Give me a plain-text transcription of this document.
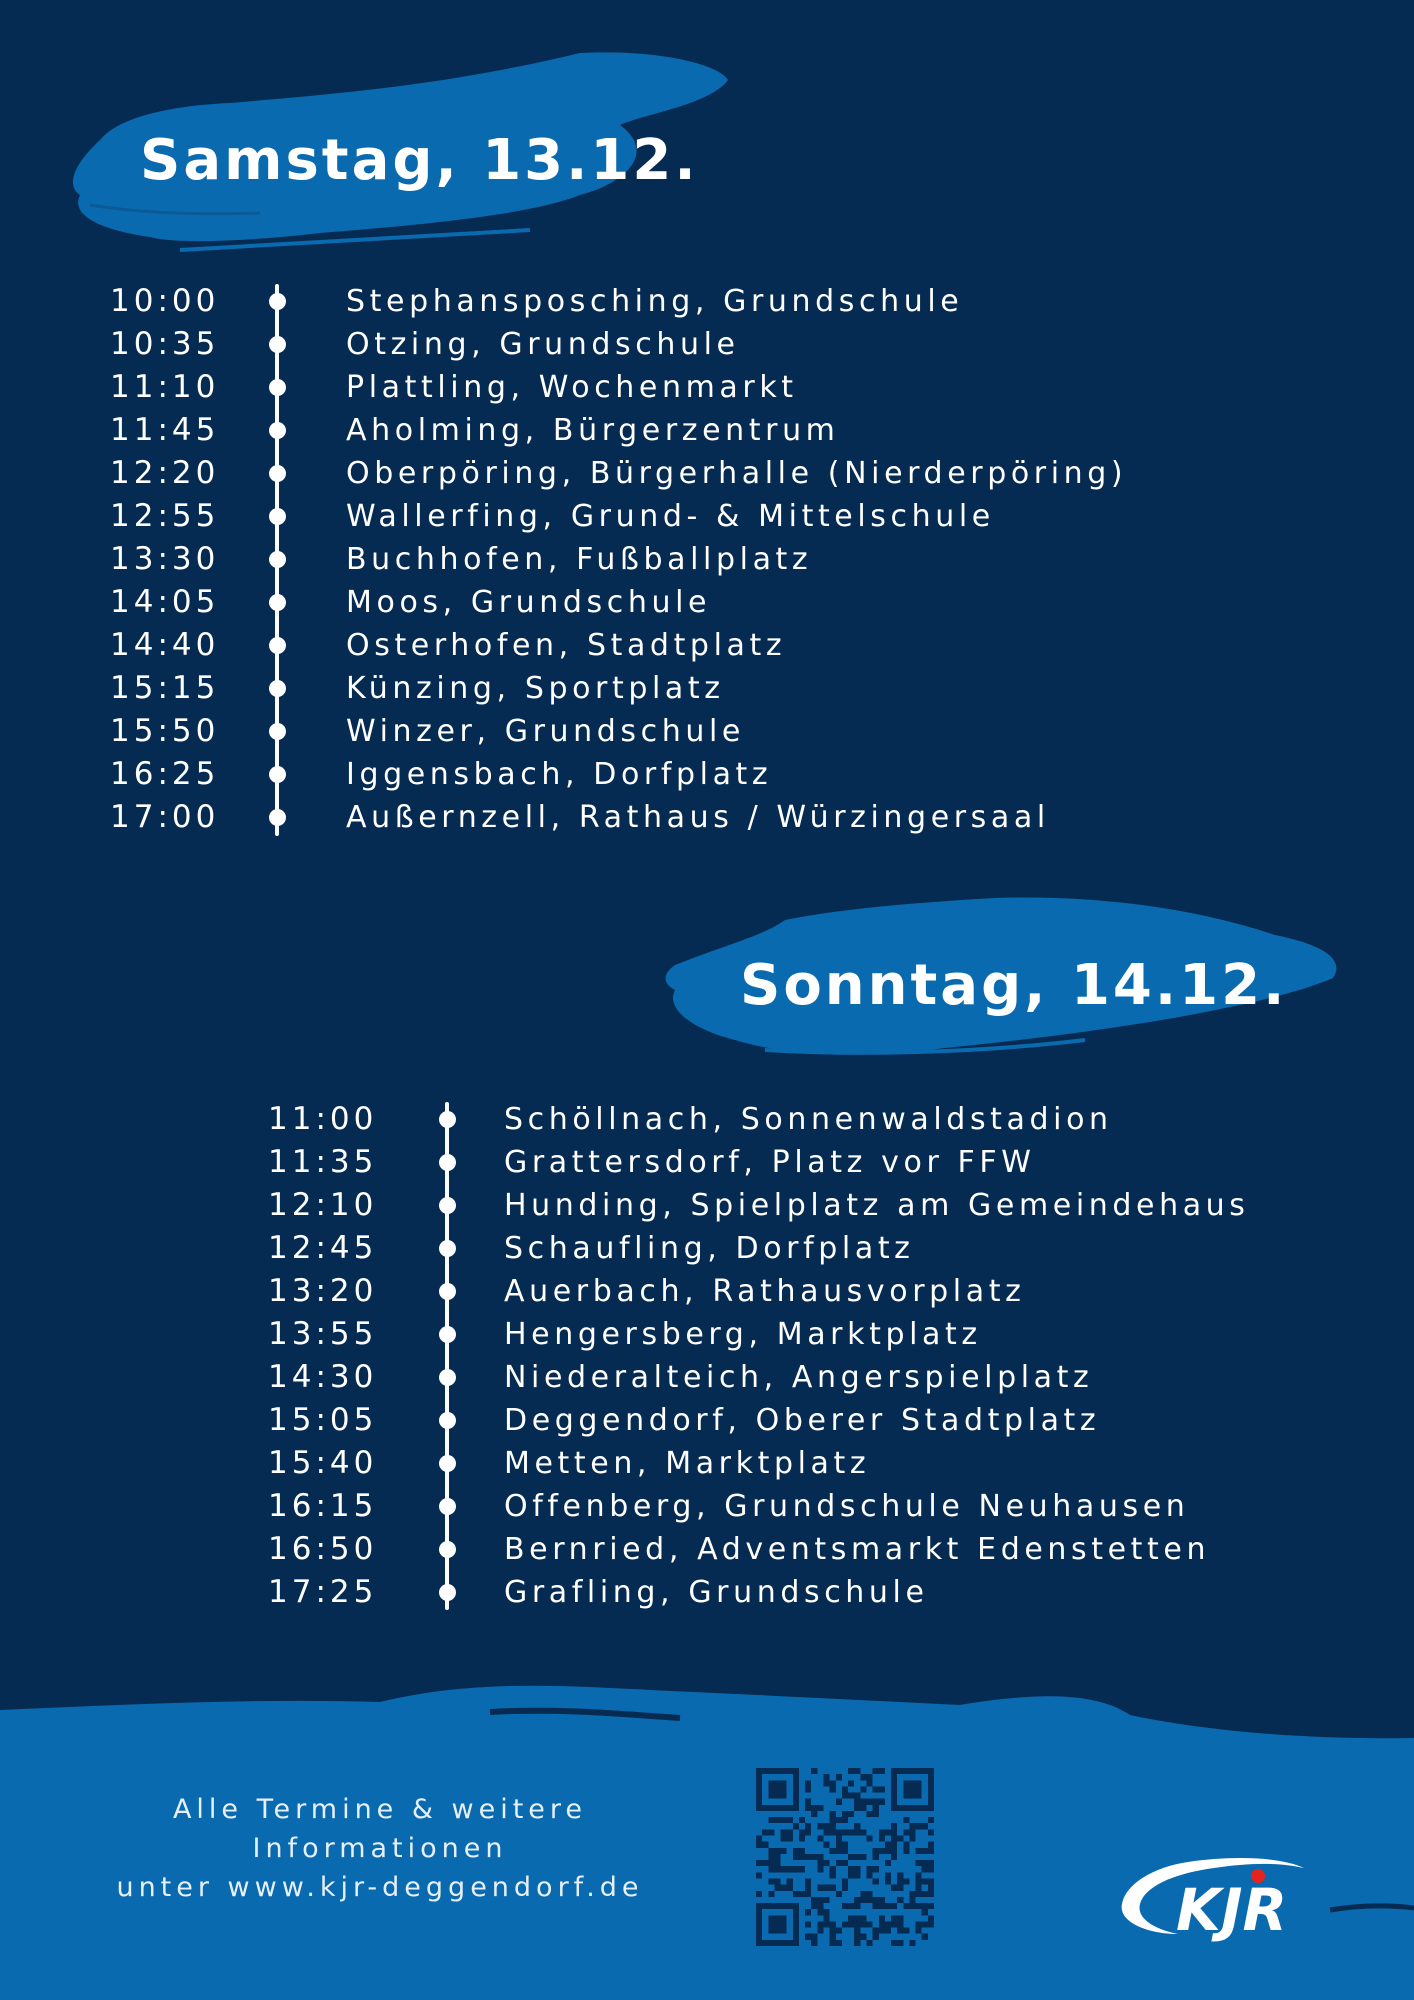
Samstag, 13.12.
10:00	Stephansposching, Grundschule
10:35	Otzing, Grundschule
11:10	Plattling, Wochenmarkt
11:45	Aholming, Bürgerzentrum
12:20	Oberpöring, Bürgerhalle (Nierderpöring)
12:55	Wallerfing, Grund- & Mittelschule
13:30	Buchhofen, Fußballplatz
14:05	Moos, Grundschule
14:40	Osterhofen, Stadtplatz
15:15	Künzing, Sportplatz
15:50	Winzer, Grundschule
16:25	Iggensbach, Dorfplatz
17:00	Außernzell, Rathaus / Würzingersaal
Sonntag, 14.12.
11:00	Schöllnach, Sonnenwaldstadion
11:35	Grattersdorf, Platz vor FFW
12:10	Hunding, Spielplatz am Gemeindehaus
12:45	Schaufling, Dorfplatz
13:20	Auerbach, Rathausvorplatz
13:55	Hengersberg, Marktplatz
14:30	Niederalteich, Angerspielplatz
15:05	Deggendorf, Oberer Stadtplatz
15:40	Metten, Marktplatz
16:15	Offenberg, Grundschule Neuhausen
16:50	Bernried, Adventsmarkt Edenstetten
17:25	Grafling, Grundschule
Alle Termine & weitere
Informationen
unter www.kjr-deggendorf.de	KJR
